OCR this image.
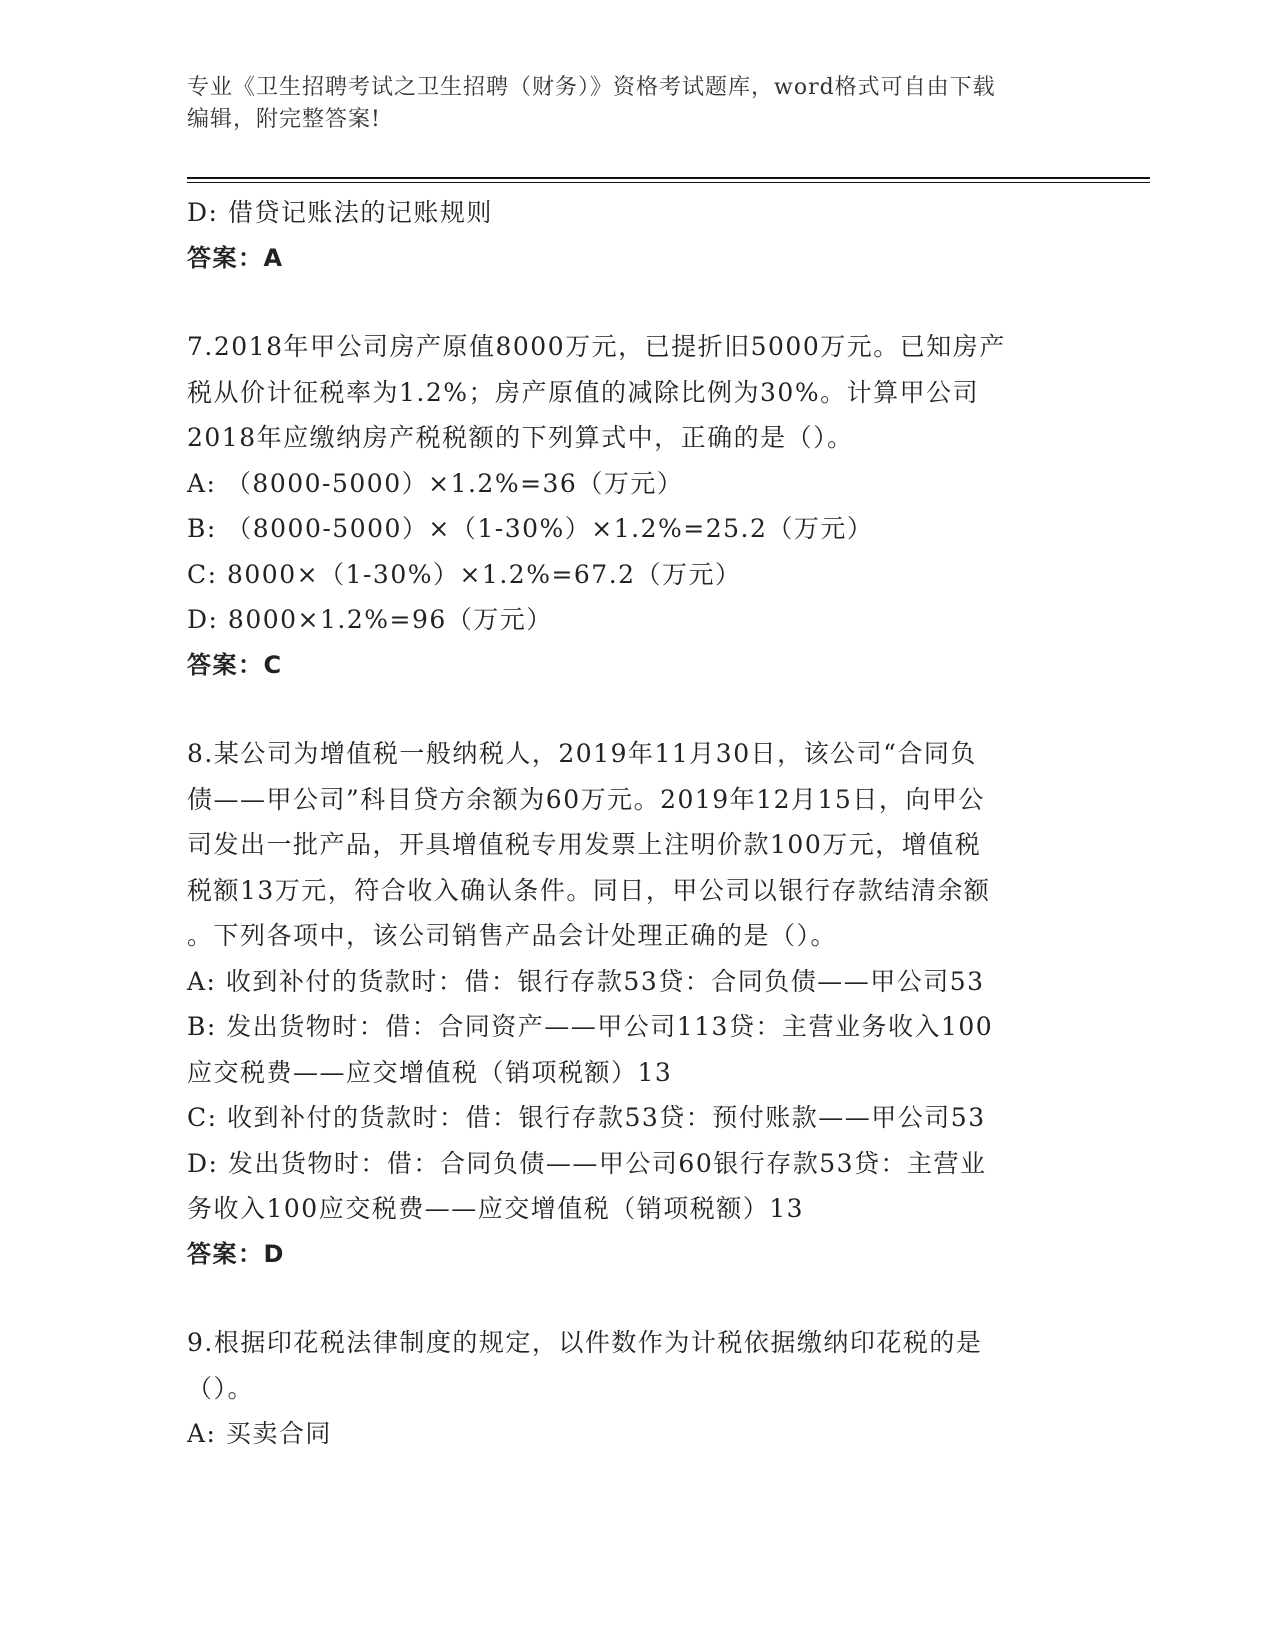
专业《卫生招聘考试之卫生招聘（财务）》资格考试题库，word格式可自由下载
编辑，附完整答案!
D: 借贷记账法的记账规则
答案：A
7.2018年甲公司房产原值8000万元，已提折旧5000万元。已知房产
税从价计征税率为1.2%；房产原值的减除比例为30%。计算甲公司
2018年应缴纳房产税税额的下列算式中，正确的是（）。
A: （8000-5000）×1.2%=36（万元）
B: （8000-5000）×（1-30%）×1.2%=25.2（万元）
C: 8000×（1-30%）×1.2%=67.2（万元）
D: 8000×1.2%=96（万元）
答案：C
8.某公司为增值税一般纳税人，2019年11月30日，该公司“合同负
债——甲公司”科目贷方余额为60万元。2019年12月15日，向甲公
司发出一批产品，开具增值税专用发票上注明价款100万元，增值税
税额13万元，符合收入确认条件。同日，甲公司以银行存款结清余额
。下列各项中，该公司销售产品会计处理正确的是（）。
A: 收到补付的货款时：借：银行存款53贷：合同负债——甲公司53
B: 发出货物时：借：合同资产——甲公司113贷：主营业务收入100
应交税费——应交增值税（销项税额）13
C: 收到补付的货款时：借：银行存款53贷：预付账款——甲公司53
D: 发出货物时：借：合同负债——甲公司60银行存款53贷：主营业
务收入100应交税费——应交增值税（销项税额）13
答案：D
9.根据印花税法律制度的规定，以件数作为计税依据缴纳印花税的是
（）。
A: 买卖合同
